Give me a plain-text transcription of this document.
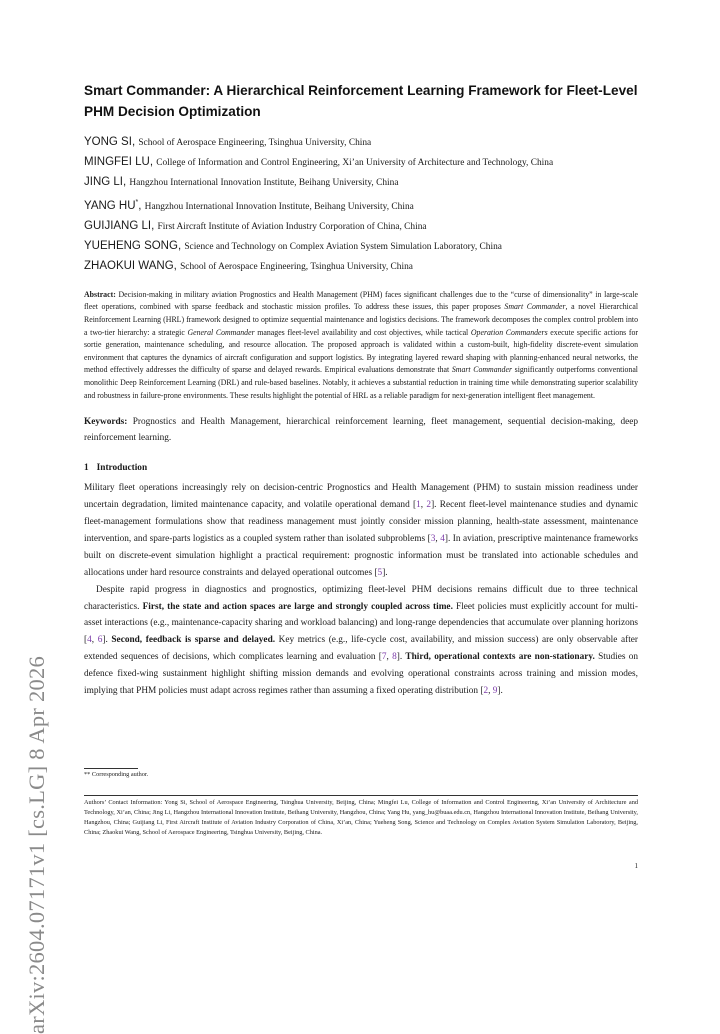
arXiv:2604.07171v1 [cs.LG] 8 Apr 2026
Smart Commander: A Hierarchical Reinforcement Learning Framework for Fleet-Level PHM Decision Optimization
YONG SI, School of Aerospace Engineering, Tsinghua University, China
MINGFEI LU, College of Information and Control Engineering, Xi’an University of Architecture and Technology, China
JING LI, Hangzhou International Innovation Institute, Beihang University, China
YANG HU*, Hangzhou International Innovation Institute, Beihang University, China
GUIJIANG LI, First Aircraft Institute of Aviation Industry Corporation of China, China
YUEHENG SONG, Science and Technology on Complex Aviation System Simulation Laboratory, China
ZHAOKUI WANG, School of Aerospace Engineering, Tsinghua University, China
Abstract: Decision-making in military aviation Prognostics and Health Management (PHM) faces significant challenges due to the “curse of dimensionality” in large-scale fleet operations, combined with sparse feedback and stochastic mission profiles. To address these issues, this paper proposes Smart Commander, a novel Hierarchical Reinforcement Learning (HRL) framework designed to optimize sequential maintenance and logistics decisions. The framework decomposes the complex control problem into a two-tier hierarchy: a strategic General Commander manages fleet-level availability and cost objectives, while tactical Operation Commanders execute specific actions for sortie generation, maintenance scheduling, and resource allocation. The proposed approach is validated within a custom-built, high-fidelity discrete-event simulation environment that captures the dynamics of aircraft configuration and support logistics. By integrating layered reward shaping with planning-enhanced neural networks, the method effectively addresses the difficulty of sparse and delayed rewards. Empirical evaluations demonstrate that Smart Commander significantly outperforms conventional monolithic Deep Reinforcement Learning (DRL) and rule-based baselines. Notably, it achieves a substantial reduction in training time while demonstrating superior scalability and robustness in failure-prone environments. These results highlight the potential of HRL as a reliable paradigm for next-generation intelligent fleet management.
Keywords: Prognostics and Health Management, hierarchical reinforcement learning, fleet management, sequential decision-making, deep reinforcement learning.
1 Introduction

Military fleet operations increasingly rely on decision-centric Prognostics and Health Management (PHM) to sustain mission readiness under uncertain degradation, limited maintenance capacity, and volatile operational demand [1, 2]. Recent fleet-level maintenance studies and dynamic fleet-management formulations show that readiness management must jointly consider mission planning, health-state assessment, maintenance intervention, and spare-parts logistics as a coupled system rather than isolated subproblems [3, 4]. In aviation, prescriptive maintenance frameworks built on discrete-event simulation highlight a practical requirement: prognostic information must be translated into actionable schedules and allocations under hard resource constraints and delayed operational outcomes [5].

Despite rapid progress in diagnostics and prognostics, optimizing fleet-level PHM decisions remains difficult due to three technical characteristics. First, the state and action spaces are large and strongly coupled across time. Fleet policies must explicitly account for multi-asset interactions (e.g., maintenance-capacity sharing and workload balancing) and long-range dependencies that accumulate over planning horizons [4, 6]. Second, feedback is sparse and delayed. Key metrics (e.g., life-cycle cost, availability, and mission success) are only observable after extended sequences of decisions, which complicates learning and evaluation [7, 8]. Third, operational contexts are non-stationary. Studies on defence fixed-wing sustainment highlight shifting mission demands and evolving operational constraints across training and mission modes, implying that PHM policies must adapt across regimes rather than assuming a fixed operating distribution [2, 9].

** Corresponding author.
Authors’ Contact Information: Yong Si, School of Aerospace Engineering, Tsinghua University, Beijing, China; Mingfei Lu, College of Information and Control Engineering, Xi’an University of Architecture and Technology, Xi’an, China; Jing Li, Hangzhou International Innovation Institute, Beihang University, Hangzhou, China; Yang Hu, yang_hu@buaa.edu.cn, Hangzhou International Innovation Institute, Beihang University, Hangzhou, China; Guijiang Li, First Aircraft Institute of Aviation Industry Corporation of China, Xi’an, China; Yueheng Song, Science and Technology on Complex Aviation System Simulation Laboratory, Beijing, China; Zhaokui Wang, School of Aerospace Engineering, Tsinghua University, Beijing, China.
1
